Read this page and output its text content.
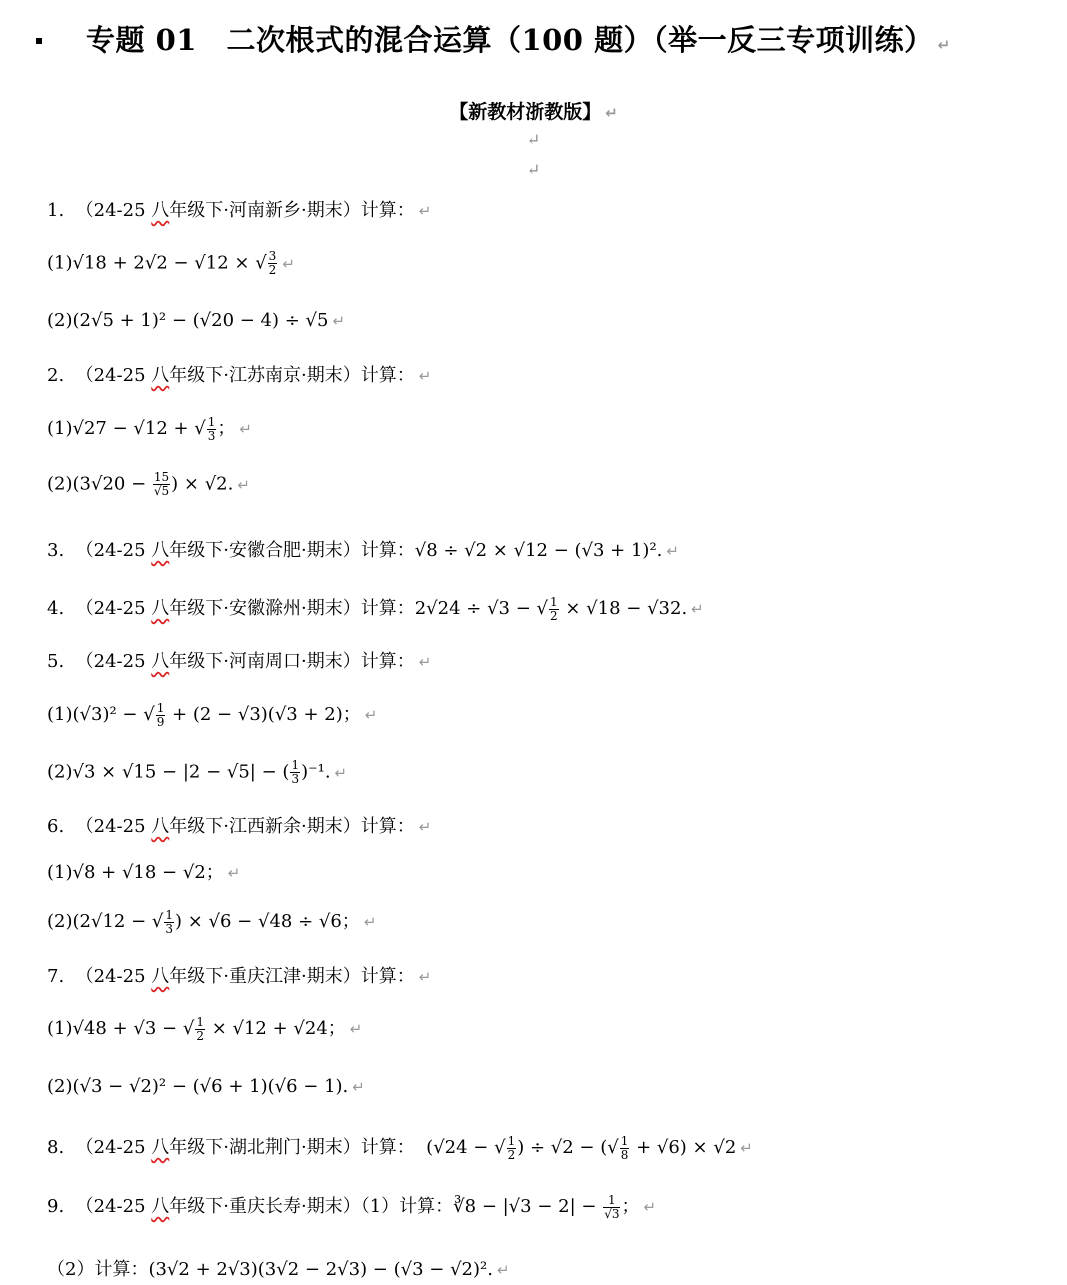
专题 01　二次根式的混合运算（100 题）（举一反三专项训练） ↵
【新教材浙教版】 ↵
↵
↵
1. （24-25 八年级下·河南新乡·期末）计算： ↵
(1)√18 + 2√2 − √12 × √ $\frac{3}{2}$ ↵
(2)(2√5 + 1)² − (√20 − 4) ÷ √5 ↵
2. （24-25 八年级下·江苏南京·期末）计算： ↵
(1)√27 − √12 + √ $\frac{1}{3}$ ； ↵
$(2)(3√20 - \frac{15}{√5}$ ) × √2. ↵
3. （24-25 八年级下·安徽合肥·期末）计算：√8 ÷ √2 × √12 − (√3 + 1)². ↵
4. （24-25 八年级下·安徽滁州·期末）计算：2√24 ÷ √3 − √ $\frac{1}{2} \times √18 - √32$. ↵
5. （24-25 八年级下·河南周口·期末）计算： ↵
(1)(√3)² − √ $\frac{1}{9} + (2 - √3)(√3 + 2)$； ↵
(2)√3 × √15 − |2 − √5| − ( $\frac{1}{3} )^{-1}$. ↵
6. （24-25 八年级下·江西新余·期末）计算： ↵
(1)√8 + √18 − √2； ↵
(2)(2√12 − √ $\frac{1}{3}$ ) × √6 − √48 ÷ √6； ↵
7. （24-25 八年级下·重庆江津·期末）计算： ↵
(1)√48 + √3 − √ $\frac{1}{2} \times √12 + √24$； ↵
(2)(√3 − √2)² − (√6 + 1)(√6 − 1). ↵
8. （24-25 八年级下·湖北荆门·期末）计算： (√24 − √ $\frac{1}{2}$ ) ÷ √2 − (√ $\frac{1}{8} + √6) \times √2$ ↵
9. （24-25 八年级下·重庆长寿·期末）（1）计算：∛8 − $|√3 - 2| - \frac{1}{√3}$ ； ↵
（2）计算：(3√2 + 2√3)(3√2 − 2√3) − (√3 − √2)². ↵
